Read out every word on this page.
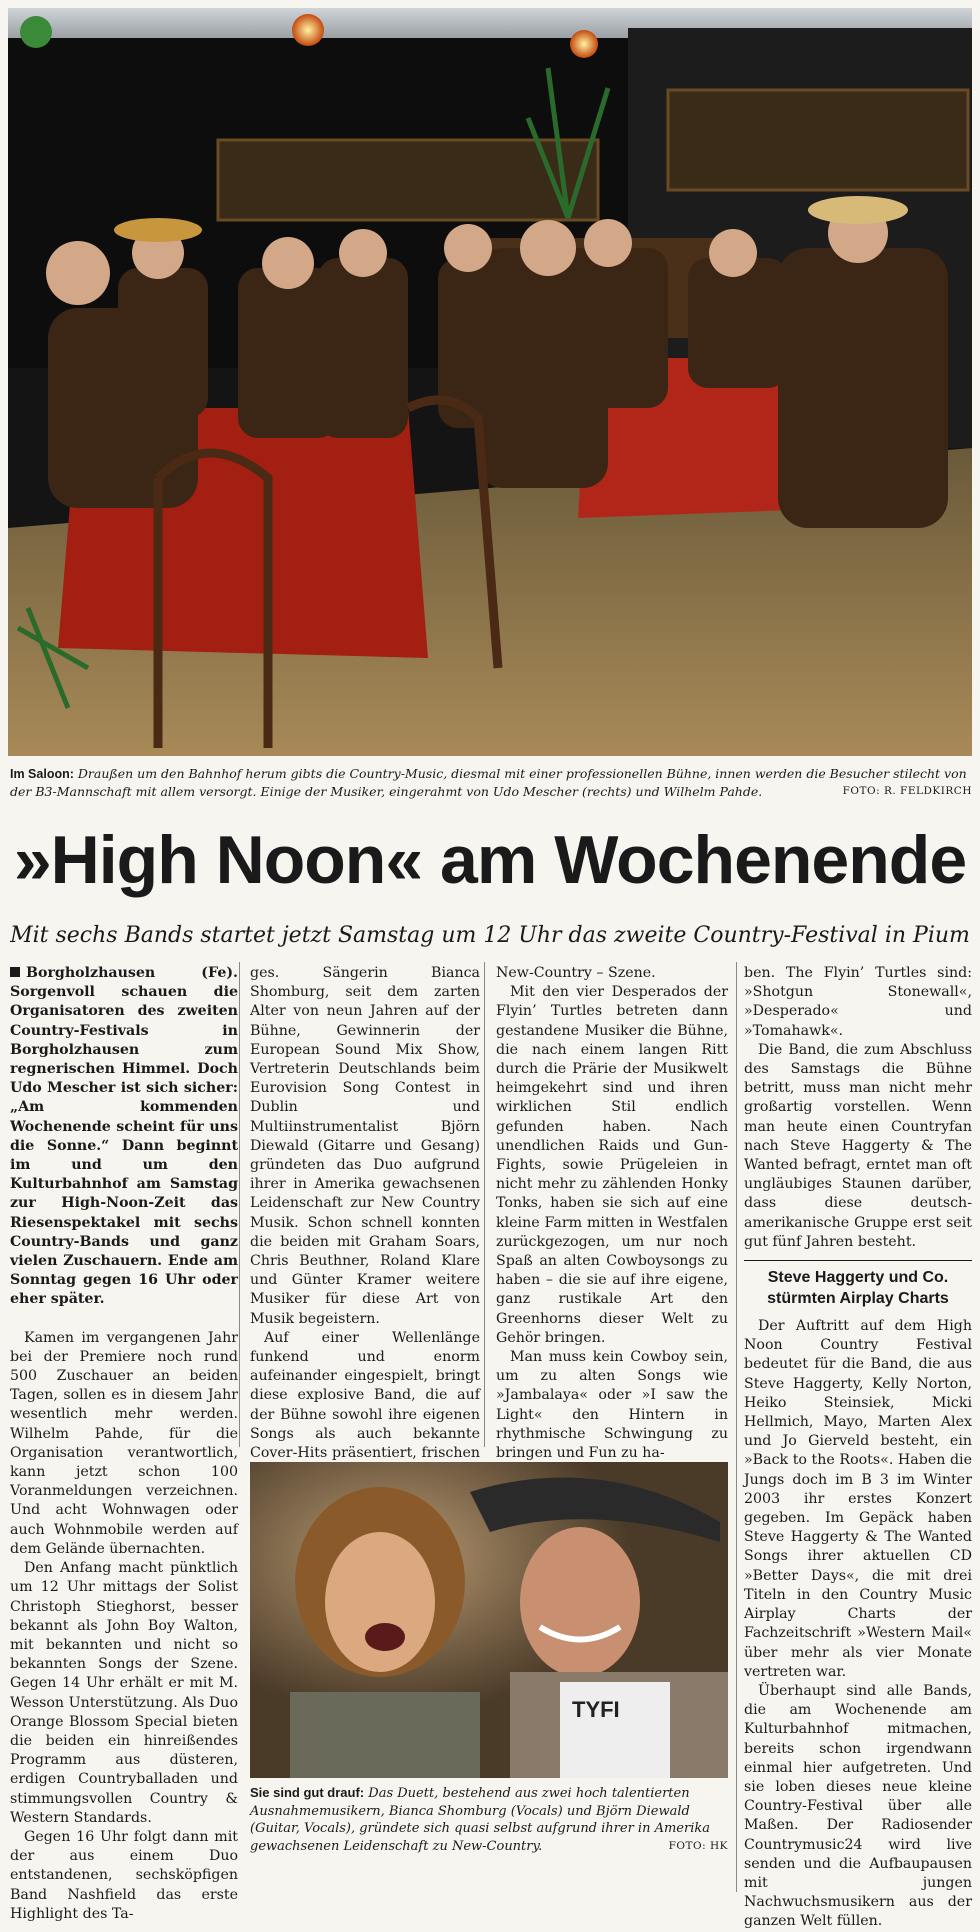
Im Saloon: Draußen um den Bahnhof herum gibts die Country-Music, diesmal mit einer professionellen Bühne, innen werden die Besucher stilecht von der B3-Mannschaft mit allem versorgt. Einige der Musiker, eingerahmt von Udo Mescher (rechts) und Wilhelm Pahde.	FOTO: R. FELDKIRCH
»High Noon« am Wochenende
Mit sechs Bands startet jetzt Samstag um 12 Uhr das zweite Country-Festival in Pium

Borgholzhausen (Fe). Sorgenvoll schauen die Organisatoren des zweiten Country-Festivals in Borgholzhausen zum regnerischen Himmel. Doch Udo Mescher ist sich sicher: „Am kommenden Wochenende scheint für uns die Sonne.“ Dann beginnt im und um den Kulturbahnhof am Samstag zur High-Noon-Zeit das Riesenspektakel mit sechs Country-Bands und ganz vielen Zuschauern. Ende am Sonntag gegen 16 Uhr oder eher später.

Kamen im vergangenen Jahr bei der Premiere noch rund 500 Zuschauer an beiden Tagen, sollen es in diesem Jahr wesentlich mehr werden. Wilhelm Pahde, für die Organisation verantwortlich, kann jetzt schon 100 Voranmeldungen verzeichnen. Und acht Wohnwagen oder auch Wohnmobile werden auf dem Gelände übernachten.

Den Anfang macht pünktlich um 12 Uhr mittags der Solist Christoph Stieghorst, besser bekannt als John Boy Walton, mit bekannten und nicht so bekannten Songs der Szene. Gegen 14 Uhr erhält er mit M. Wesson Unterstützung. Als Duo Orange Blossom Special bieten die beiden ein hinreißendes Programm aus düsteren, erdigen Countryballaden und stimmungsvollen Country & Western Standards.

Gegen 16 Uhr folgt dann mit der aus einem Duo entstandenen, sechsköpfigen Band Nashfield das erste Highlight des Ta-

ges. Sängerin Bianca Shomburg, seit dem zarten Alter von neun Jahren auf der Bühne, Gewinnerin der European Sound Mix Show, Vertreterin Deutschlands beim Eurovision Song Contest in Dublin und Multiinstrumentalist Björn Diewald (Gitarre und Gesang) gründeten das Duo aufgrund ihrer in Amerika gewachsenen Leidenschaft zur New Country Musik. Schon schnell konnten die beiden mit Graham Soars, Chris Beuthner, Roland Klare und Günter Kramer weitere Musiker für diese Art von Musik begeistern.

Auf einer Wellenlänge funkend und enorm aufeinander eingespielt, bringt diese explosive Band, die auf der Bühne sowohl ihre eigenen Songs als auch bekannte Cover-Hits präsentiert, frischen

New-Country – Szene.

Mit den vier Desperados der Flyin’ Turtles betreten dann gestandene Musiker die Bühne, die nach einem langen Ritt durch die Prärie der Musikwelt heimgekehrt sind und ihren wirklichen Stil endlich gefunden haben. Nach unendlichen Raids und Gun-Fights, sowie Prügeleien in nicht mehr zu zählenden Honky Tonks, haben sie sich auf eine kleine Farm mitten in Westfalen zurückgezogen, um nur noch Spaß an alten Cowboysongs zu haben – die sie auf ihre eigene, ganz rustikale Art den Greenhorns dieser Welt zu Gehör bringen.

Man muss kein Cowboy sein, um zu alten Songs wie »Jambalaya« oder »I saw the Light« den Hintern in rhythmische Schwingung zu bringen und Fun zu ha-

TYFI
Sie sind gut drauf: Das Duett, bestehend aus zwei hoch talentierten Ausnahmemusikern, Bianca Shomburg (Vocals) und Björn Diewald (Guitar, Vocals), gründete sich quasi selbst aufgrund ihrer in Amerika gewachsenen Leidenschaft zu New-Country.	FOTO: HK

ben. The Flyin’ Turtles sind: »Shotgun Stonewall«, »Desperado« und »Tomahawk«.

Die Band, die zum Abschluss des Samstags die Bühne betritt, muss man nicht mehr großartig vorstellen. Wenn man heute einen Countryfan nach Steve Haggerty & The Wanted befragt, erntet man oft ungläubiges Staunen darüber, dass diese deutsch-amerikanische Gruppe erst seit gut fünf Jahren besteht.

Steve Haggerty und Co. stürmten Airplay Charts

Der Auftritt auf dem High Noon Country Festival bedeutet für die Band, die aus Steve Haggerty, Kelly Norton, Heiko Steinsiek, Micki Hellmich, Mayo, Marten Alex und Jo Gierveld besteht, ein »Back to the Roots«. Haben die Jungs doch im B 3 im Winter 2003 ihr erstes Konzert gegeben. Im Gepäck haben Steve Haggerty & The Wanted Songs ihrer aktuellen CD »Better Days«, die mit drei Titeln in den Country Music Airplay Charts der Fachzeitschrift »Western Mail« über mehr als vier Monate vertreten war.

Überhaupt sind alle Bands, die am Wochenende am Kulturbahnhof mitmachen, bereits schon irgendwann einmal hier aufgetreten. Und sie loben dieses neue kleine Country-Festival über alle Maßen. Der Radiosender Countrymusic24 wird live senden und die Aufbaupausen mit jungen Nachwuchsmusikern aus der ganzen Welt füllen.
